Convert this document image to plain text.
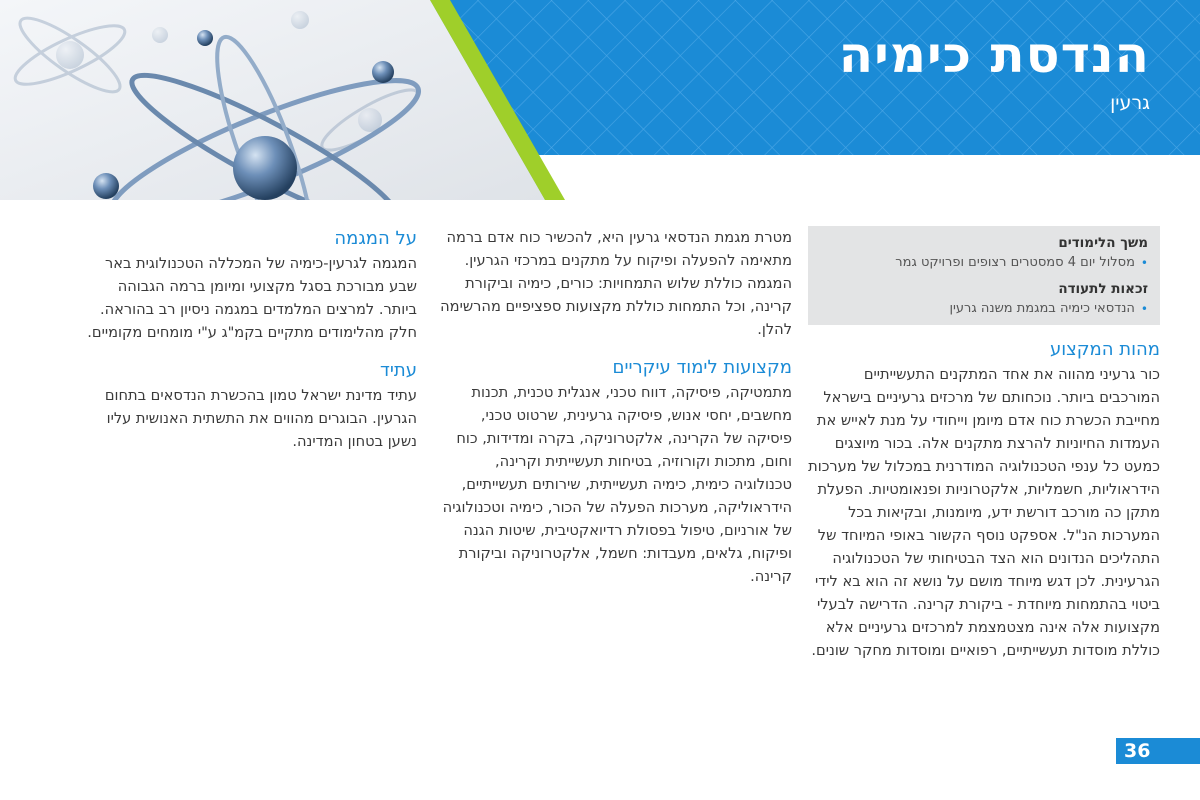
הנדסת כימיה

גרעין

משך הלימודים
•
מסלול יום 4 סמסטרים רצופים ופרויקט גמר
זכאות לתעודה
•
הנדסאי כימיה במגמת משנה גרעין
מהות המקצוע

כור גרעיני מהווה את אחד המתקנים התעשייתיים המורכבים ביותר. נוכחותם של מרכזים גרעיניים בישראל מחייבת הכשרת כוח אדם מיומן וייחודי על מנת לאייש את העמדות החיוניות להרצת מתקנים אלה. בכור מיוצגים כמעט כל ענפי הטכנולוגיה המודרנית במכלול של מערכות הידראוליות, חשמליות, אלקטרוניות ופנאומטיות. הפעלת מתקן כה מורכב דורשת ידע, מיומנות, ובקיאות בכל המערכות הנ"ל. אספקט נוסף הקשור באופי המיוחד של התהליכים הנדונים הוא הצד הבטיחותי של הטכנולוגיה הגרעינית. לכן דגש מיוחד מושם על נושא זה הוא בא לידי ביטוי בהתמחות מיוחדת - ביקורת קרינה. הדרישה לבעלי מקצועות אלה אינה מצטמצמת למרכזים גרעיניים אלא כוללת מוסדות תעשייתיים, רפואיים ומוסדות מחקר שונים.

מטרת מגמת הנדסאי גרעין היא, להכשיר כוח אדם ברמה מתאימה להפעלה ופיקוח על מתקנים במרכזי הגרעין. המגמה כוללת שלוש התמחויות: כורים, כימיה וביקורת קרינה, וכל התמחות כוללת מקצועות ספציפיים מהרשימה להלן.

מקצועות לימוד עיקריים

מתמטיקה, פיסיקה, דווח טכני, אנגלית טכנית, תכנות מחשבים, יחסי אנוש, פיסיקה גרעינית, שרטוט טכני, פיסיקה של הקרינה, אלקטרוניקה, בקרה ומדידות, כוח וחום, מתכות וקורוזיה, בטיחות תעשייתית וקרינה, טכנולוגיה כימית, כימיה תעשייתית, שירותים תעשייתיים, הידראוליקה, מערכות הפעלה של הכור, כימיה וטכנולוגיה של אורניום, טיפול בפסולת רדיואקטיבית, שיטות הגנה ופיקוח, גלאים, מעבדות: חשמל, אלקטרוניקה וביקורת קרינה.

על המגמה

המגמה לגרעין-כימיה של המכללה הטכנולוגית באר שבע מבורכת בסגל מקצועי ומיומן ברמה הגבוהה ביותר. למרצים המלמדים במגמה ניסיון רב בהוראה. חלק מהלימודים מתקיים בקמ"ג ע"י מומחים מקומיים.

עתיד

עתיד מדינת ישראל טמון בהכשרת הנדסאים בתחום הגרעין. הבוגרים מהווים את התשתית האנושית עליו נשען בטחון המדינה.

36
